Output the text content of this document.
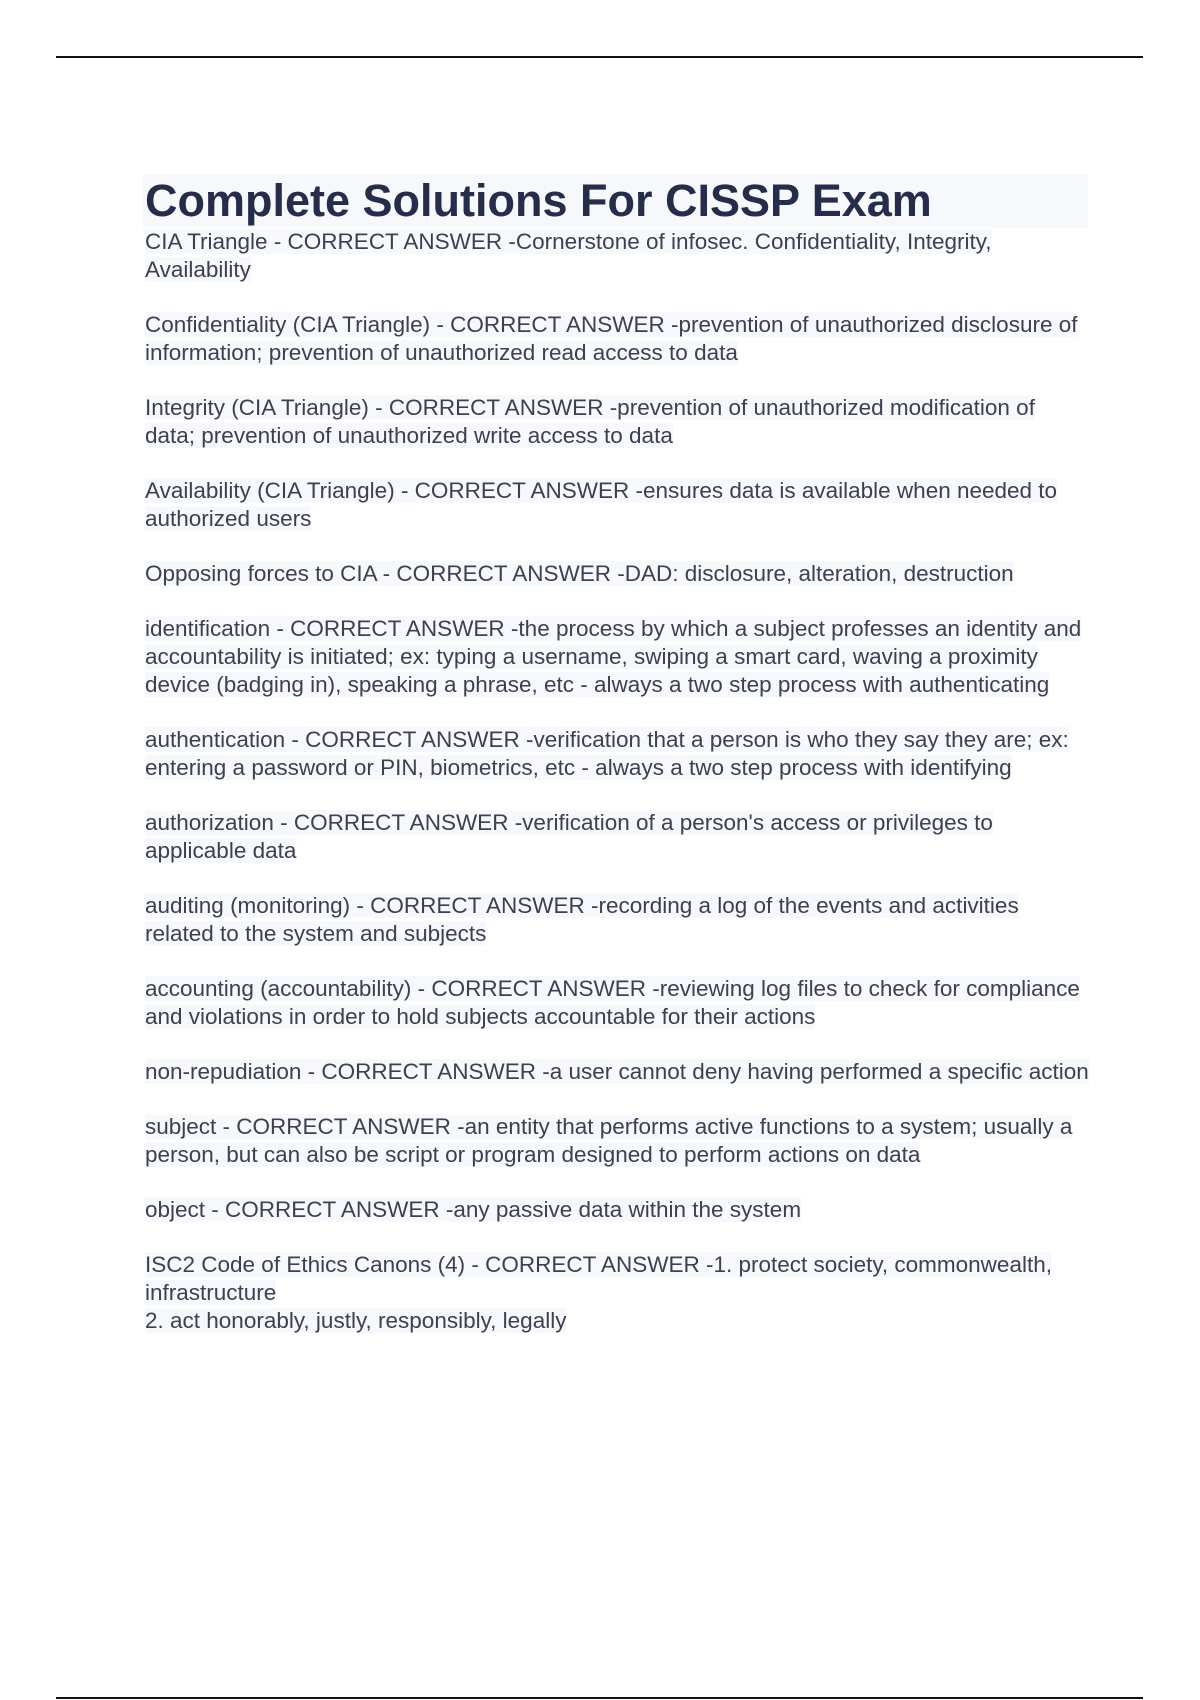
Complete Solutions For CISSP Exam
CIA Triangle - CORRECT ANSWER -Cornerstone of infosec. Confidentiality, Integrity, Availability
Confidentiality (CIA Triangle) - CORRECT ANSWER -prevention of unauthorized disclosure of information; prevention of unauthorized read access to data
Integrity (CIA Triangle) - CORRECT ANSWER -prevention of unauthorized modification of data; prevention of unauthorized write access to data
Availability (CIA Triangle) - CORRECT ANSWER -ensures data is available when needed to authorized users
Opposing forces to CIA - CORRECT ANSWER -DAD: disclosure, alteration, destruction
identification - CORRECT ANSWER -the process by which a subject professes an identity and accountability is initiated; ex: typing a username, swiping a smart card, waving a proximity device (badging in), speaking a phrase, etc - always a two step process with authenticating
authentication - CORRECT ANSWER -verification that a person is who they say they are; ex: entering a password or PIN, biometrics, etc - always a two step process with identifying
authorization - CORRECT ANSWER -verification of a person's access or privileges to applicable data
auditing (monitoring) - CORRECT ANSWER -recording a log of the events and activities related to the system and subjects
accounting (accountability) - CORRECT ANSWER -reviewing log files to check for compliance and violations in order to hold subjects accountable for their actions
non-repudiation - CORRECT ANSWER -a user cannot deny having performed a specific action
subject - CORRECT ANSWER -an entity that performs active functions to a system; usually a person, but can also be script or program designed to perform actions on data
object - CORRECT ANSWER -any passive data within the system
ISC2 Code of Ethics Canons (4) - CORRECT ANSWER -1. protect society, commonwealth, infrastructure
2. act honorably, justly, responsibly, legally
